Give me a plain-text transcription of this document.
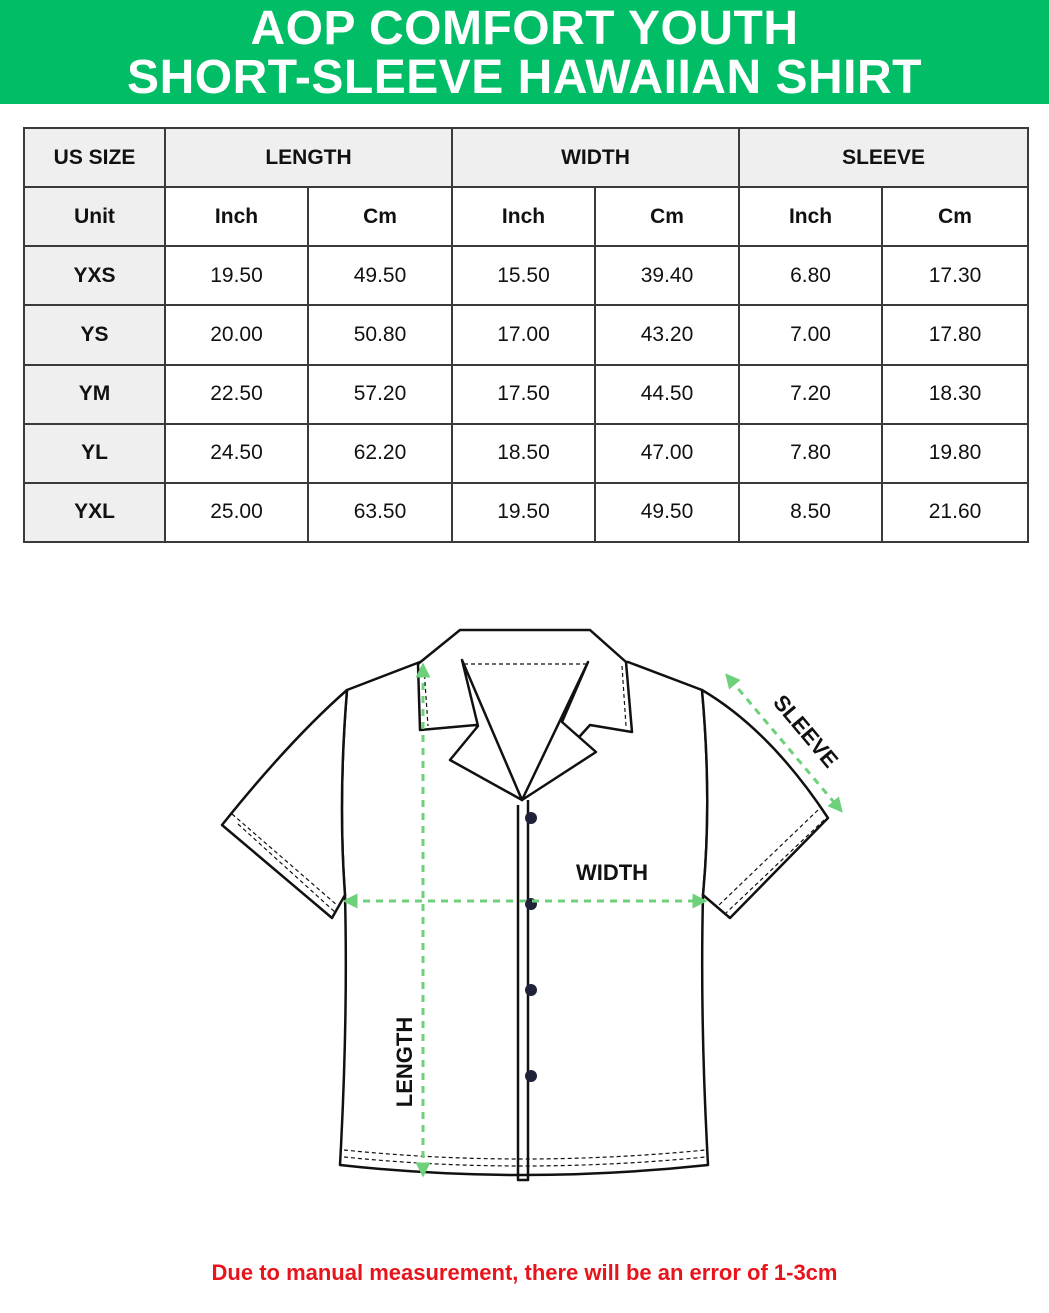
AOP COMFORT YOUTH
SHORT-SLEEVE HAWAIIAN SHIRT
US SIZE	LENGTH		WIDTH		SLEEVE	
Unit	Inch	Cm	Inch	Cm	Inch	Cm
YXS	19.50	49.50	15.50	39.40	6.80	17.30
YS	20.00	50.80	17.00	43.20	7.00	17.80
YM	22.50	57.20	17.50	44.50	7.20	18.30
YL	24.50	62.20	18.50	47.00	7.80	19.80
YXL	25.00	63.50	19.50	49.50	8.50	21.60
WIDTH
LENGTH
SLEEVE
Due to manual measurement, there will be an error of 1-3cm
